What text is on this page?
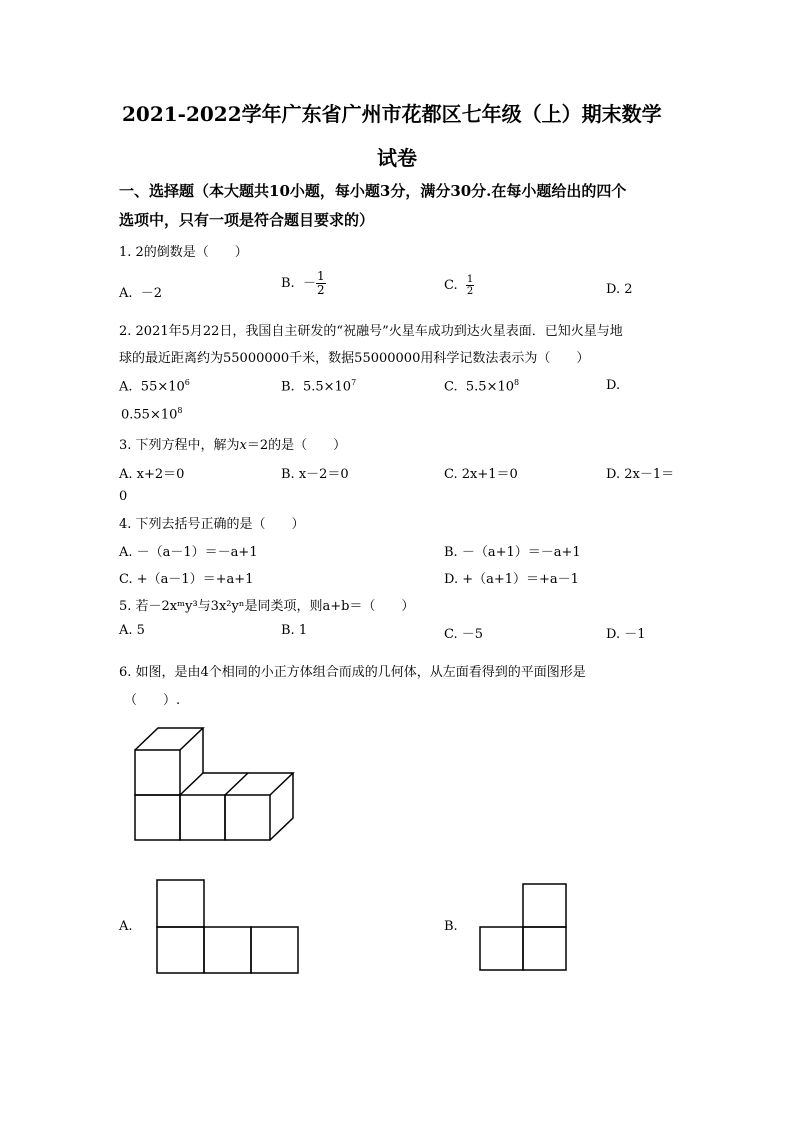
2021-2022学年广东省广州市花都区七年级（上）期末数学
试卷
一、选择题（本大题共10小题，每小题3分，满分30分.在每小题给出的四个
选项中，只有一项是符合题目要求的）
1. 2的倒数是（　　）
A. －2
B. － $\frac{1}{2}$	C. $\frac{1}{2}$	D. 2
2. 2021年5月22日，我国自主研发的“祝融号”火星车成功到达火星表面．已知火星与地
球的最近距离约为55000000千米，数据55000000用科学记数法表示为（　　）
A. $55\times 10^6$	B. $5.5\times 10^7$	C. $5.5\times 10^8$	D.
$0.55\times 10^8$
3. 下列方程中，解为x＝2的是（　　）
A. x+2＝0	B. x－2＝0	C. 2x+1＝0	D. 2x－1＝
0
4. 下列去括号正确的是（　　）
A. －（a－1）＝－a+1	B. －（a+1）＝－a+1
C. +（a－1）＝+a+1	D. +（a+1）＝+a－1
5. 若－2xᵐy³与3x²yⁿ是同类项，则a+b＝（　　）
A. 5	B. 1	C. －5	D. －1
6. 如图，是由4个相同的小正方体组合而成的几何体，从左面看得到的平面图形是
（　　）.
A.	B.
